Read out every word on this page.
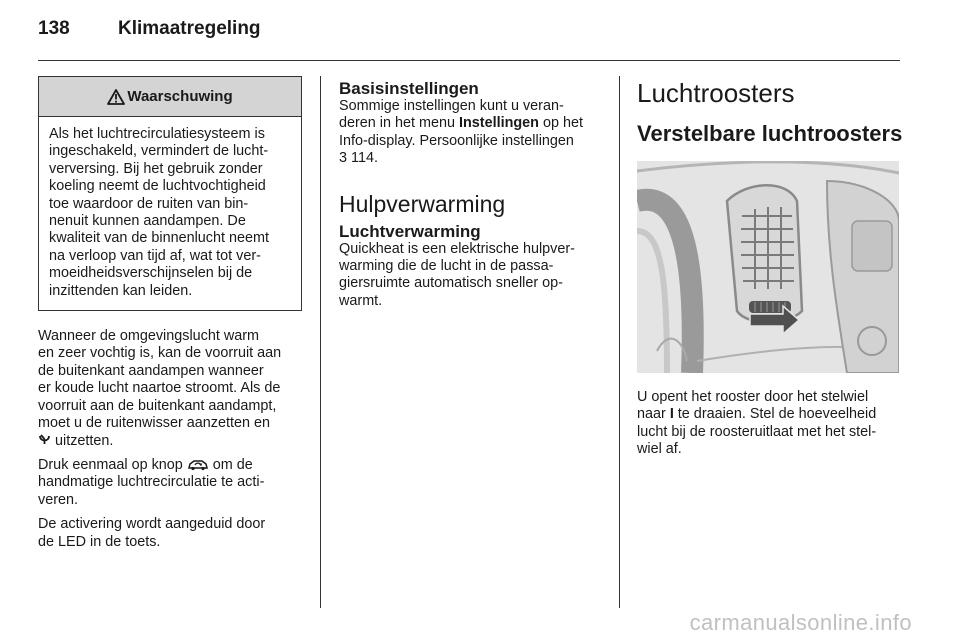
138	Klimaatregeling
Waarschuwing
Als het luchtrecirculatiesysteem is
ingeschakeld, vermindert de lucht-
verversing. Bij het gebruik zonder
koeling neemt de luchtvochtigheid
toe waardoor de ruiten van bin-
nenuit kunnen aandampen. De
kwaliteit van de binnenlucht neemt
na verloop van tijd af, wat tot ver-
moeidheidsverschijnselen bij de
inzittenden kan leiden.

Wanneer de omgevingslucht warm
en zeer vochtig is, kan de voorruit aan
de buitenkant aandampen wanneer
er koude lucht naartoe stroomt. Als de
voorruit aan de buitenkant aandampt,
moet u de ruitenwisser aanzetten en
uitzetten.

Druk eenmaal op knop  om de
handmatige luchtrecirculatie te acti-
veren.

De activering wordt aangeduid door
de LED in de toets.

Basisinstellingen
Sommige instellingen kunt u veran-
deren in het menu Instellingen op het
Info-display. Persoonlijke instellingen
3 114.
Hulpverwarming
Luchtverwarming
Quickheat is een elektrische hulpver-
warming die de lucht in de passa-
giersruimte automatisch sneller op-
warmt.
Luchtroosters
Verstelbare luchtroosters
U opent het rooster door het stelwiel
naar I te draaien. Stel de hoeveelheid
lucht bij de roosteruitlaat met het stel-
wiel af.
carmanualsonline.info
